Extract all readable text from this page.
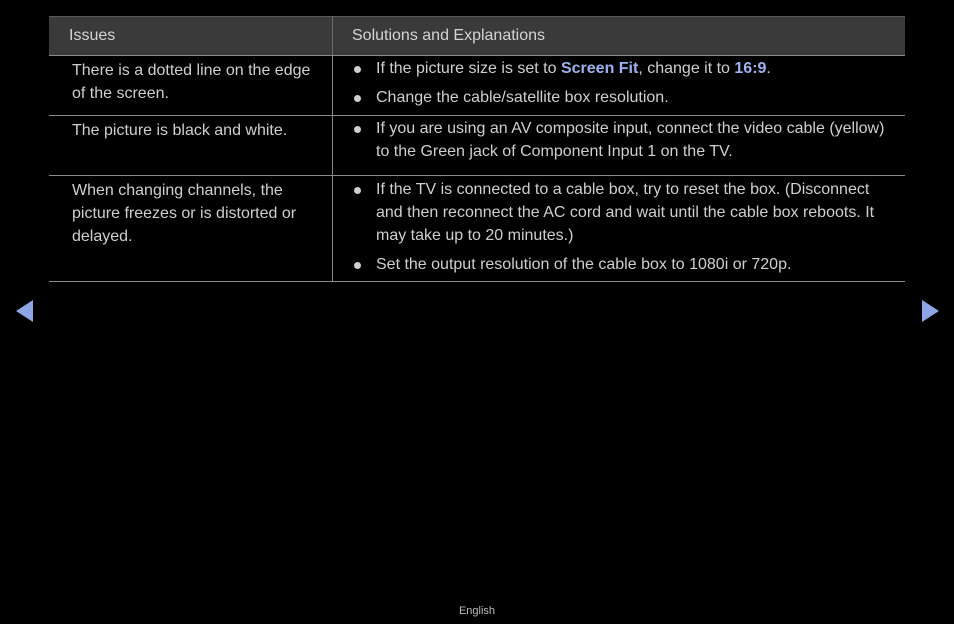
Issues	Solutions and Explanations
There is a dotted line on the edge of the screen.
If the picture size is set to Screen Fit, change it to 16:9.
Change the cable/satellite box resolution.
The picture is black and white.	If you are using an AV composite input, connect the video cable (yellow) to the Green jack of Component Input 1 on the TV.
When changing channels, the picture freezes or is distorted or delayed.
If the TV is connected to a cable box, try to reset the box. (Disconnect and then reconnect the AC cord and wait until the cable box reboots. It may take up to 20 minutes.)
Set the output resolution of the cable box to 1080i or 720p.
English
